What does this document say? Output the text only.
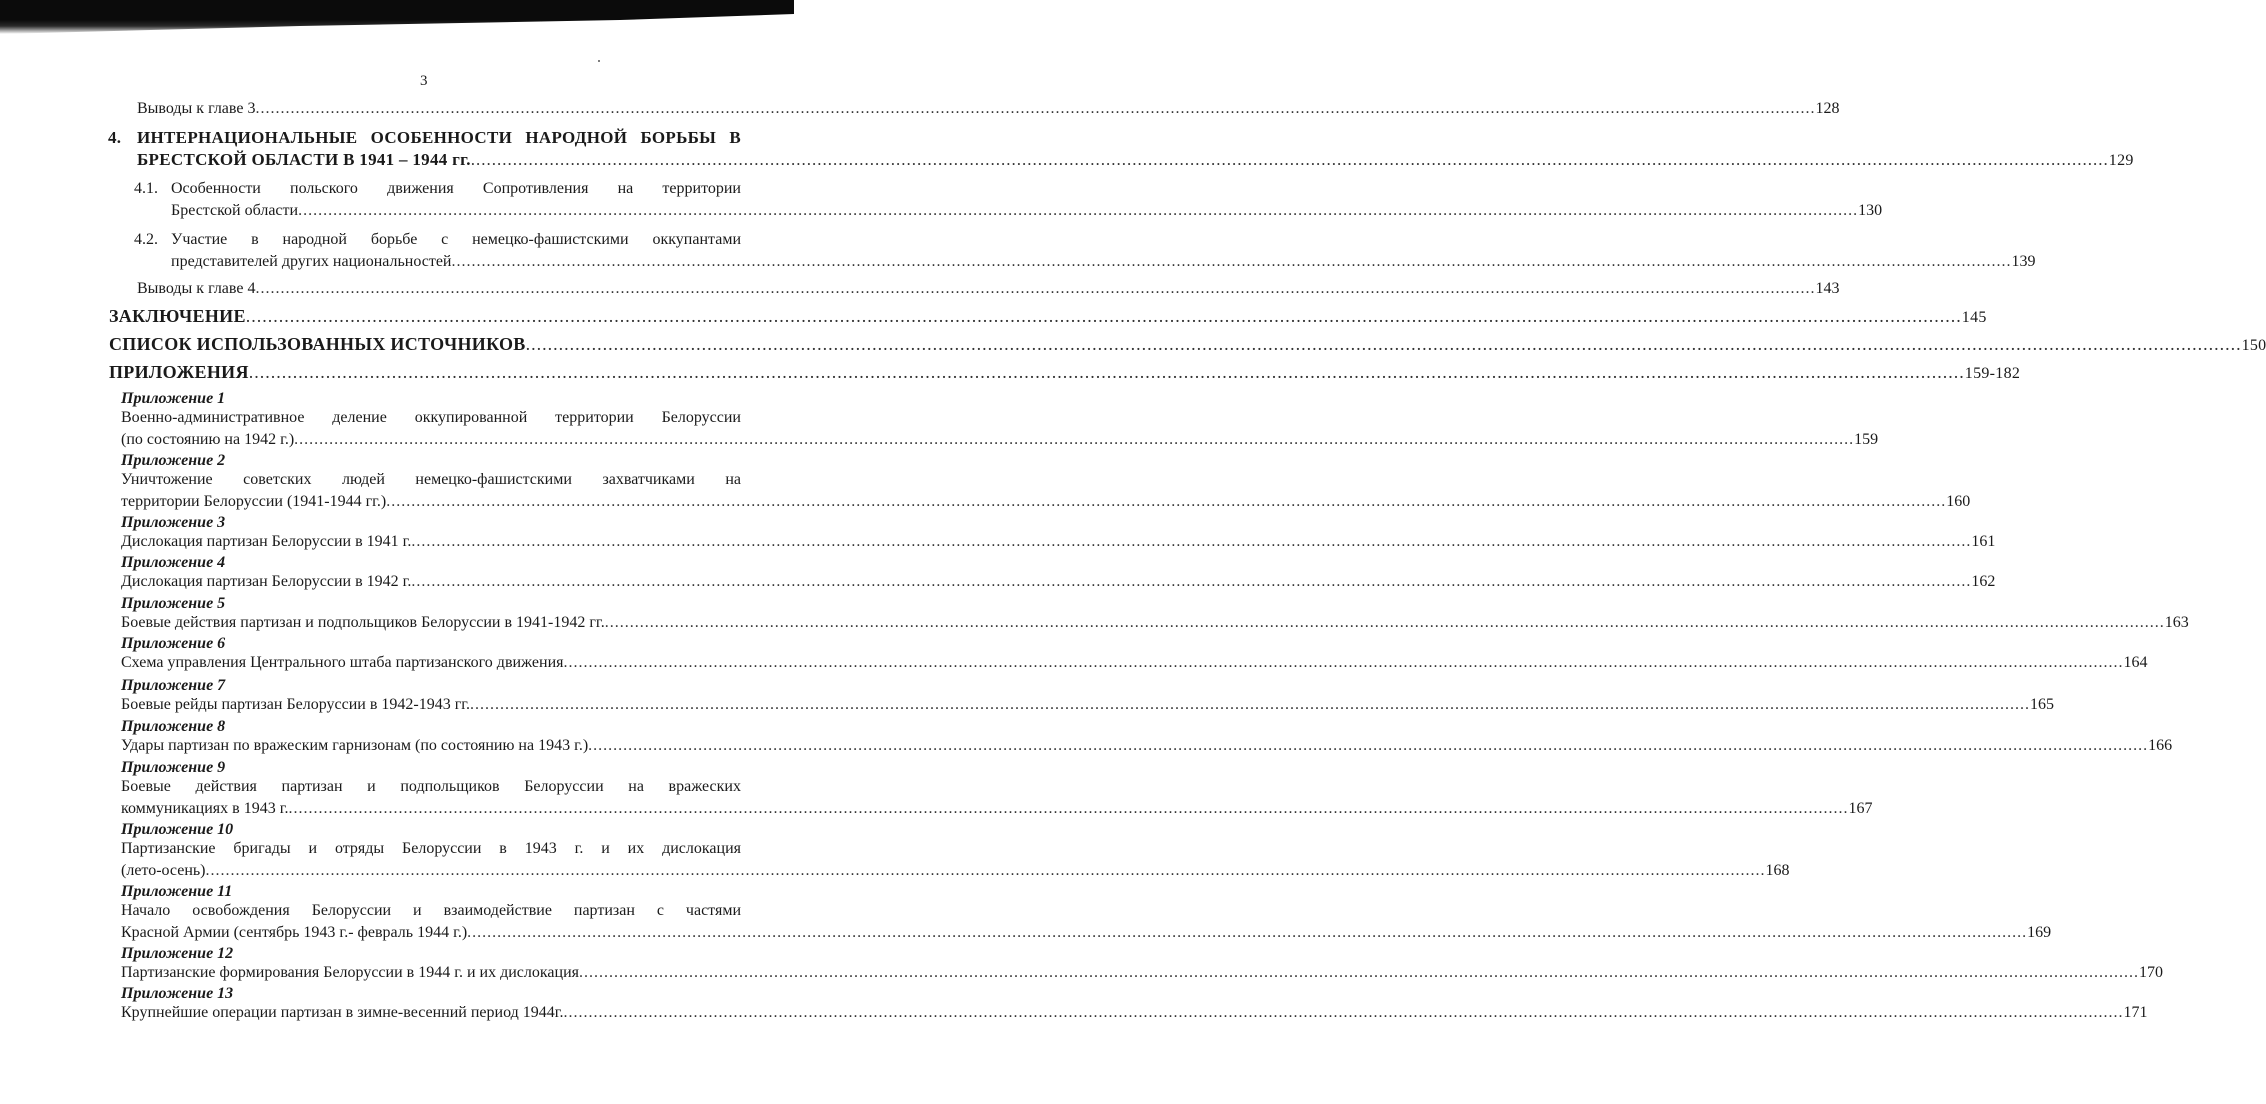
3
Выводы к главе 3 ........................................................................................................................................................................................................................................................................................................................ 128
4. ИНТЕРНАЦИОНАЛЬНЫЕ ОСОБЕННОСТИ НАРОДНОЙ БОРЬБЫ В
БРЕСТСКОЙ ОБЛАСТИ В 1941 – 1944 гг. ........................................................................................................................................................................................................................................................................................................................ 129
4.1. Особенности польского движения Сопротивления на территории
Брестской области ........................................................................................................................................................................................................................................................................................................................ 130
4.2. Участие в народной борьбе с немецко-фашистскими оккупантами
представителей других национальностей ........................................................................................................................................................................................................................................................................................................................ 139
Выводы к главе 4 ........................................................................................................................................................................................................................................................................................................................ 143
ЗАКЛЮЧЕНИЕ ........................................................................................................................................................................................................................................................................................................................ 145
СПИСОК ИСПОЛЬЗОВАННЫХ ИСТОЧНИКОВ ........................................................................................................................................................................................................................................................................................................................ 150
ПРИЛОЖЕНИЯ ........................................................................................................................................................................................................................................................................................................................ 159-182
Приложение 1
Военно-административное деление оккупированной территории Белоруссии
(по состоянию на 1942 г.) ........................................................................................................................................................................................................................................................................................................................ 159
Приложение 2
Уничтожение советских людей немецко-фашистскими захватчиками на
территории Белоруссии (1941-1944 гг.) ........................................................................................................................................................................................................................................................................................................................ 160
Приложение 3
Дислокация партизан Белоруссии в 1941 г. ........................................................................................................................................................................................................................................................................................................................ 161
Приложение 4
Дислокация партизан Белоруссии в 1942 г. ........................................................................................................................................................................................................................................................................................................................ 162
Приложение 5
Боевые действия партизан и подпольщиков Белоруссии в 1941-1942 гг. ........................................................................................................................................................................................................................................................................................................................ 163
Приложение 6
Схема управления Центрального штаба партизанского движения ........................................................................................................................................................................................................................................................................................................................ 164
Приложение 7
Боевые рейды партизан Белоруссии в 1942-1943 гг. ........................................................................................................................................................................................................................................................................................................................ 165
Приложение 8
Удары партизан по вражеским гарнизонам (по состоянию на 1943 г.) ........................................................................................................................................................................................................................................................................................................................ 166
Приложение 9
Боевые действия партизан и подпольщиков Белоруссии на вражеских
коммуникациях в 1943 г. ........................................................................................................................................................................................................................................................................................................................ 167
Приложение 10
Партизанские бригады и отряды Белоруссии в 1943 г. и их дислокация
(лето-осень) ........................................................................................................................................................................................................................................................................................................................ 168
Приложение 11
Начало освобождения Белоруссии и взаимодействие партизан с частями
Красной Армии (сентябрь 1943 г.- февраль 1944 г.) ........................................................................................................................................................................................................................................................................................................................ 169
Приложение 12
Партизанские формирования Белоруссии в 1944 г. и их дислокация ........................................................................................................................................................................................................................................................................................................................ 170
Приложение 13
Крупнейшие операции партизан в зимне-весенний период 1944г. ........................................................................................................................................................................................................................................................................................................................ 171
